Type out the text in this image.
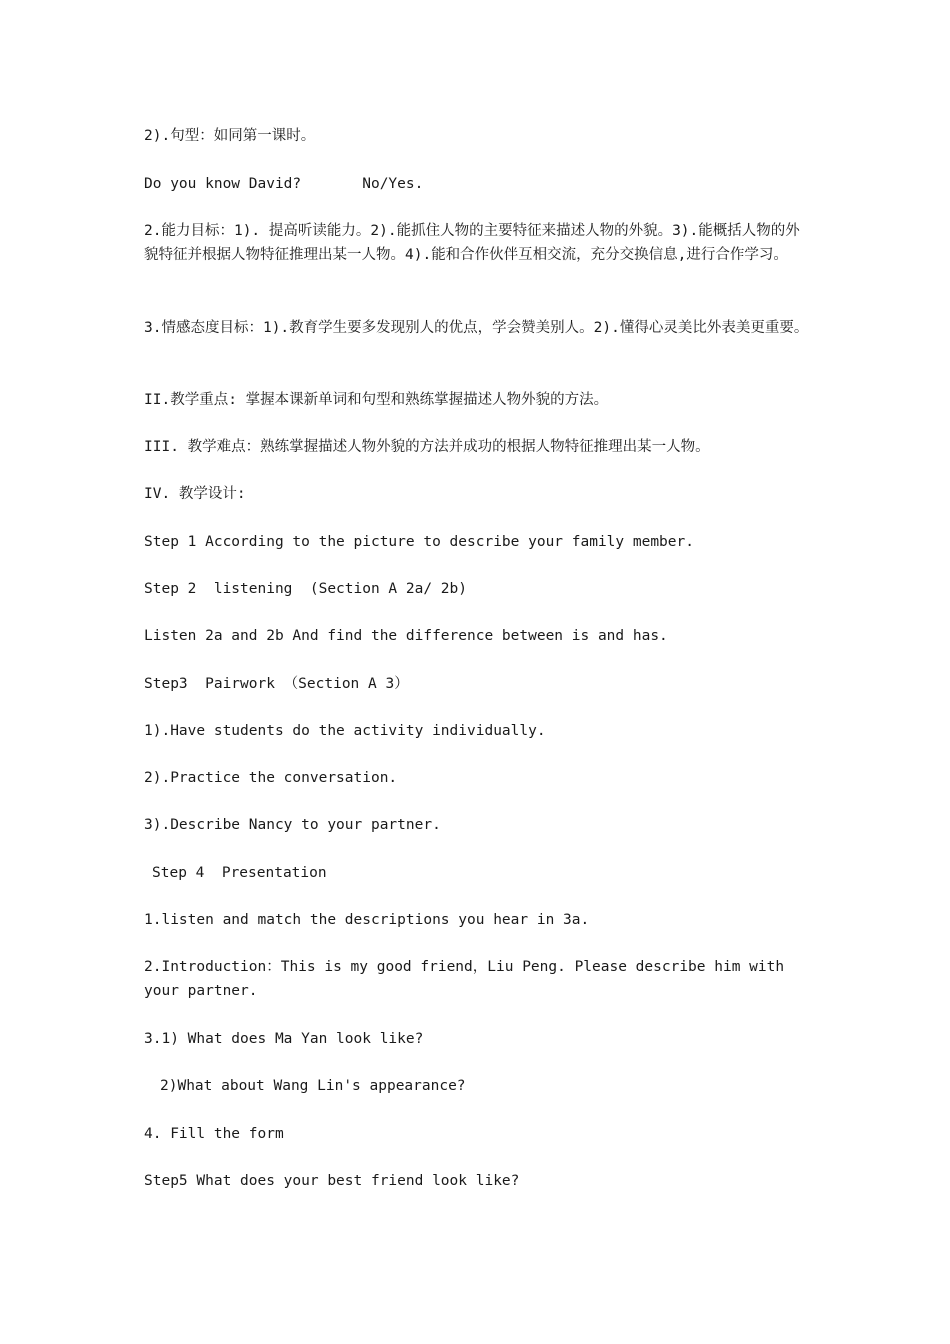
2).句型：如同第一课时。

Do you know David?       No/Yes.

2.能力目标：1). 提高听读能力。2).能抓住人物的主要特征来描述人物的外貌。3).能概括人物的外貌特征并根据人物特征推理出某一人物。4).能和合作伙伴互相交流，充分交换信息,进行合作学习。

3.情感态度目标：1).教育学生要多发现别人的优点，学会赞美别人。2).懂得心灵美比外表美更重要。

II.教学重点: 掌握本课新单词和句型和熟练掌握描述人物外貌的方法。

III. 教学难点：熟练掌握描述人物外貌的方法并成功的根据人物特征推理出某一人物。

IV. 教学设计:

Step 1 According to the picture to describe your family member.

Step 2  listening  (Section A 2a/ 2b)

Listen 2a and 2b And find the difference between is and has.

Step3  Pairwork （Section A 3）

1).Have students do the activity individually.

2).Practice the conversation.

3).Describe Nancy to your partner.

Step 4  Presentation

1.listen and match the descriptions you hear in 3a.

2.Introduction：This is my good friend，Liu Peng. Please describe him with your partner.

3.1) What does Ma Yan look like?

2)What about Wang Lin's appearance?

4. Fill the form

Step5 What does your best friend look like?
